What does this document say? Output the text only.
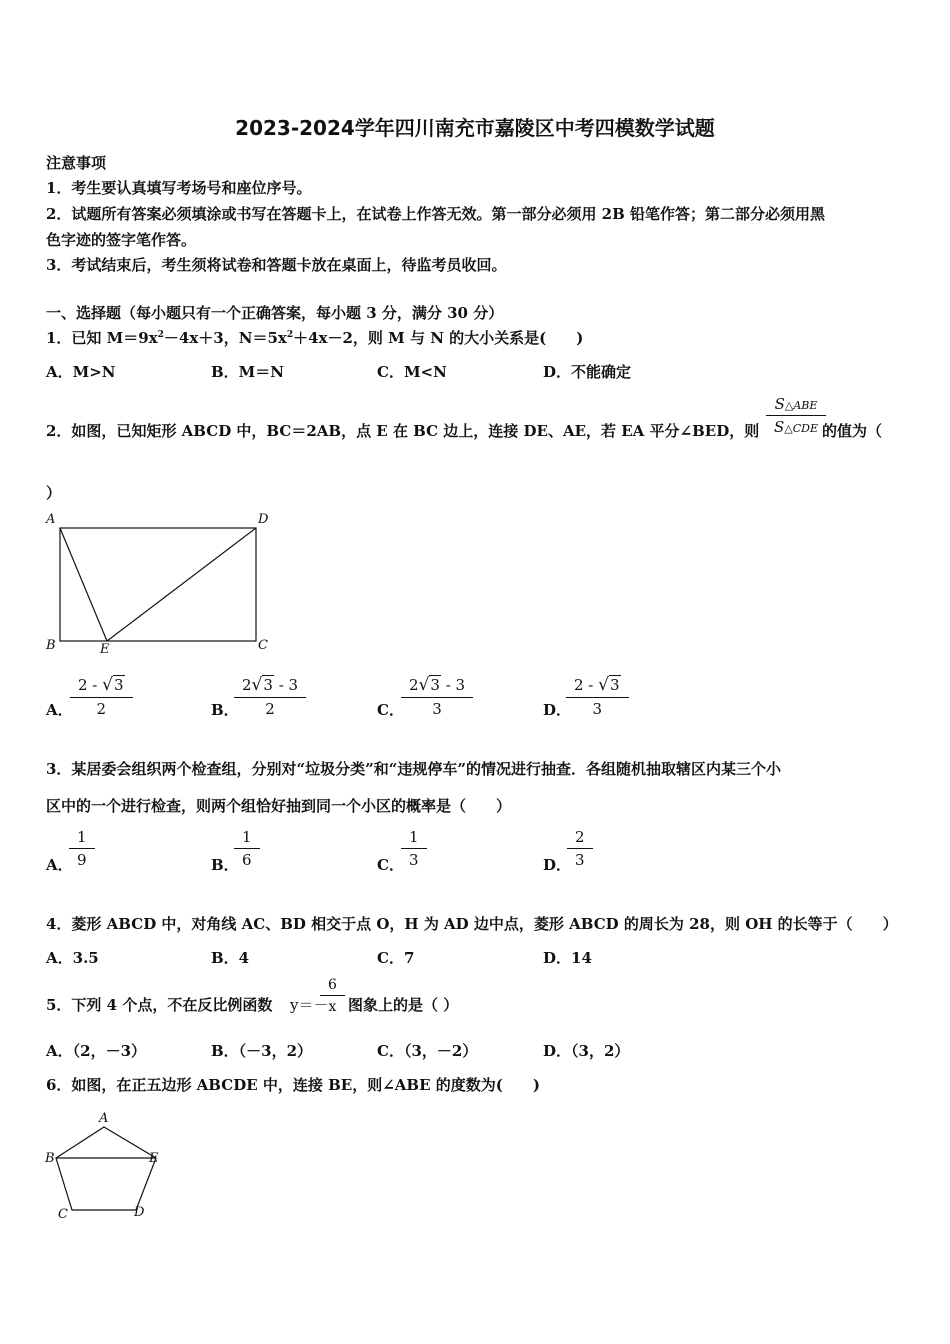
2023-2024学年四川南充市嘉陵区中考四模数学试题
注意事项
1．考生要认真填写考场号和座位序号。
2．试题所有答案必须填涂或书写在答题卡上，在试卷上作答无效。第一部分必须用 2B 铅笔作答；第二部分必须用黑
色字迹的签字笔作答。
3．考试结束后，考生须将试卷和答题卡放在桌面上，待监考员收回。
一、选择题（每小题只有一个正确答案，每小题 3 分，满分 30 分）
1．已知 $M=9x^2-4x+3$，$N=5x^2+4x-2$，则 M 与 N 的大小关系是(　　)
A．M>N	B．M＝N	C．M<N	D．不能确定
2．如图，已知矩形 ABCD 中，BC＝2AB，点 E 在 BC 边上，连接 DE、AE，若 EA 平分∠BED，则
S△ABE
S△CDE 的值为（
）
A	D
B	E	C
A． $\frac{2 - √3}{2}$	B． $\frac{2√3 - 3}{2}$	C． $\frac{2√3 - 3}{3}$	D．
$\frac{2 - √3}{3}$
3．某居委会组织两个检查组，分别对“垃圾分类”和“违规停车”的情况进行抽查．各组随机抽取辖区内某三个小
区中的一个进行检查，则两个组恰好抽到同一个小区的概率是（　　）
A． $\frac{1}{9}$	B． $\frac{1}{6}$	C． $\frac{1}{3}$	D． $\frac{2}{3}$
4．菱形 ABCD 中，对角线 AC、BD 相交于点 O，H 为 AD 边中点，菱形 ABCD 的周长为 28，则 OH 的长等于（　　）
A．3.5	B．4	C．7	D．14
5．下列 4 个点，不在反比例函数 y＝－
$\frac{6}{x}$ 图象上的是（ ）
A．（2，－3）	B．（－3，2）	C．（3，－2）	D．（3，2）
6．如图，在正五边形 ABCDE 中，连接 BE，则∠ABE 的度数为(　　)
A
B	E
C	D
